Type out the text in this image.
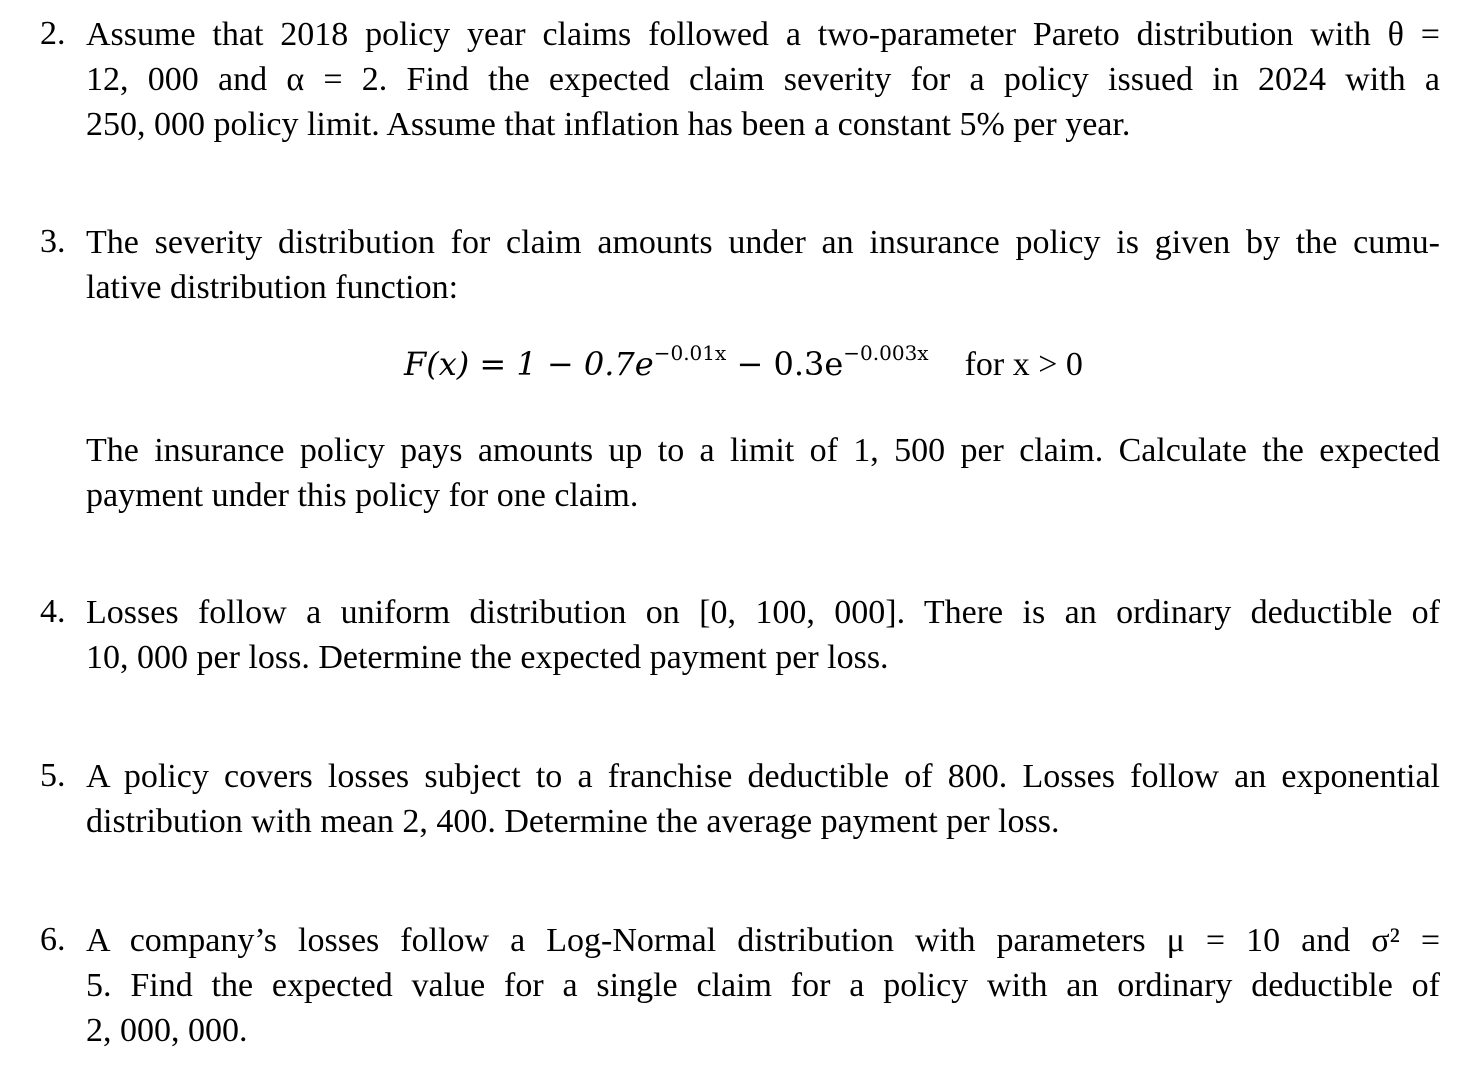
2. Assume that 2018 policy year claims followed a two-parameter Pareto distribution with θ =
12, 000 and α = 2. Find the expected claim severity for a policy issued in 2024 with a
250, 000 policy limit. Assume that inflation has been a constant 5% per year.
3. The severity distribution for claim amounts under an insurance policy is given by the cumu-
lative distribution function:
$F(x) = 1 - 0.7e^{-0.01x} - 0.3e^{-0.003x}$ for x > 0
The insurance policy pays amounts up to a limit of 1, 500 per claim. Calculate the expected
payment under this policy for one claim.
4. Losses follow a uniform distribution on [0, 100, 000]. There is an ordinary deductible of
10, 000 per loss. Determine the expected payment per loss.
5. A policy covers losses subject to a franchise deductible of 800. Losses follow an exponential
distribution with mean 2, 400. Determine the average payment per loss.
6. A company’s losses follow a Log-Normal distribution with parameters μ = 10 and σ² =
5. Find the expected value for a single claim for a policy with an ordinary deductible of
2, 000, 000.
